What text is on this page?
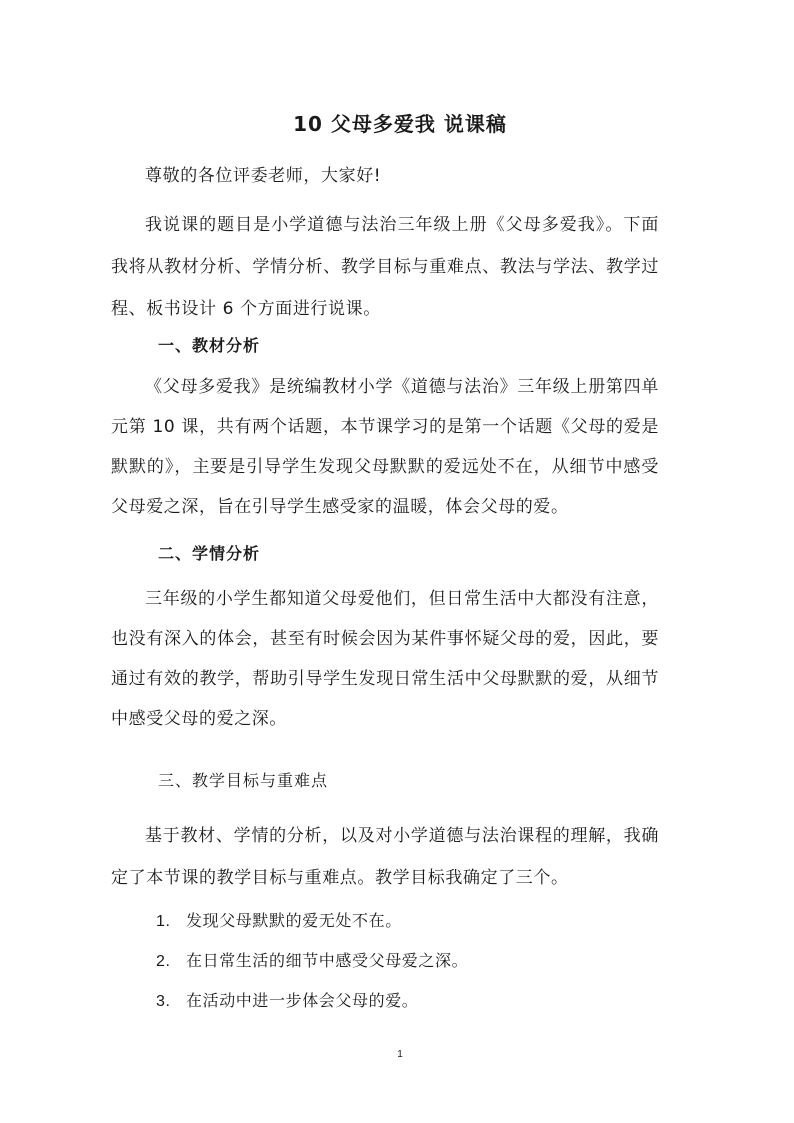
10 父母多爱我 说课稿
尊敬的各位评委老师，大家好!
我说课的题目是小学道德与法治三年级上册《父母多爱我》。下面我将从教材分析、学情分析、教学目标与重难点、教法与学法、教学过程、板书设计 6 个方面进行说课。
一、教材分析
《父母多爱我》是统编教材小学《道德与法治》三年级上册第四单元第 10 课，共有两个话题，本节课学习的是第一个话题《父母的爱是默默的》，主要是引导学生发现父母默默的爱远处不在，从细节中感受父母爱之深，旨在引导学生感受家的温暖，体会父母的爱。
二、学情分析
三年级的小学生都知道父母爱他们，但日常生活中大都没有注意，也没有深入的体会，甚至有时候会因为某件事怀疑父母的爱，因此，要通过有效的教学，帮助引导学生发现日常生活中父母默默的爱，从细节中感受父母的爱之深。
三、教学目标与重难点
基于教材、学情的分析，以及对小学道德与法治课程的理解，我确定了本节课的教学目标与重难点。教学目标我确定了三个。
1. 发现父母默默的爱无处不在。
2. 在日常生活的细节中感受父母爱之深。
3. 在活动中进一步体会父母的爱。
1
